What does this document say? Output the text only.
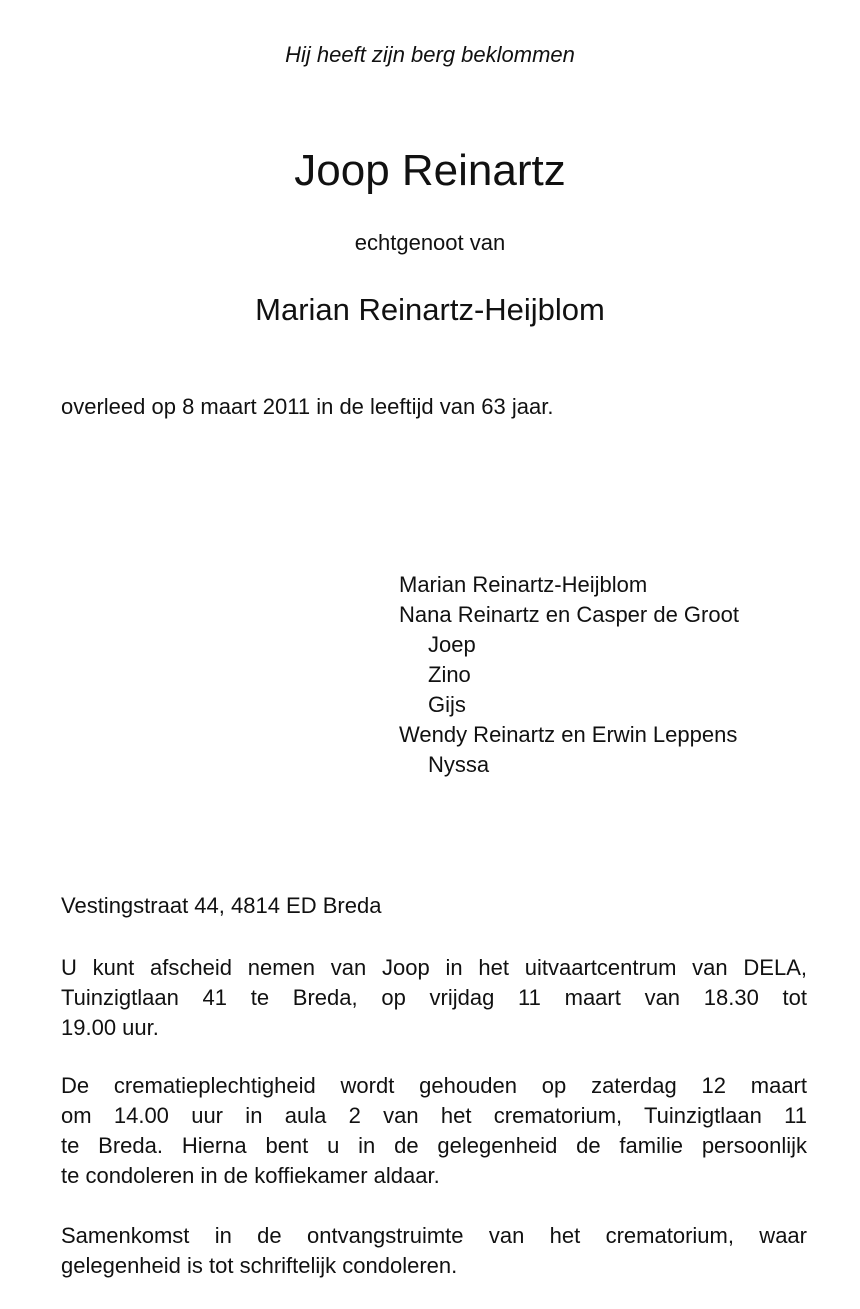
Hij heeft zijn berg beklommen
Joop Reinartz
echtgenoot van
Marian Reinartz-Heijblom
overleed op 8 maart 2011 in de leeftijd van 63 jaar.
Marian Reinartz-Heijblom
Nana Reinartz en Casper de Groot
Joep
Zino
Gijs
Wendy Reinartz en Erwin Leppens
Nyssa
Vestingstraat 44, 4814 ED Breda
U kunt afscheid nemen van Joop in het uitvaartcentrum van DELA,
Tuinzigtlaan 41 te Breda, op vrijdag 11 maart van 18.30 tot
19.00 uur.
De crematieplechtigheid wordt gehouden op zaterdag 12 maart
om 14.00 uur in aula 2 van het crematorium, Tuinzigtlaan 11
te Breda. Hierna bent u in de gelegenheid de familie persoonlijk
te condoleren in de koffiekamer aldaar.
Samenkomst in de ontvangstruimte van het crematorium, waar
gelegenheid is tot schriftelijk condoleren.
